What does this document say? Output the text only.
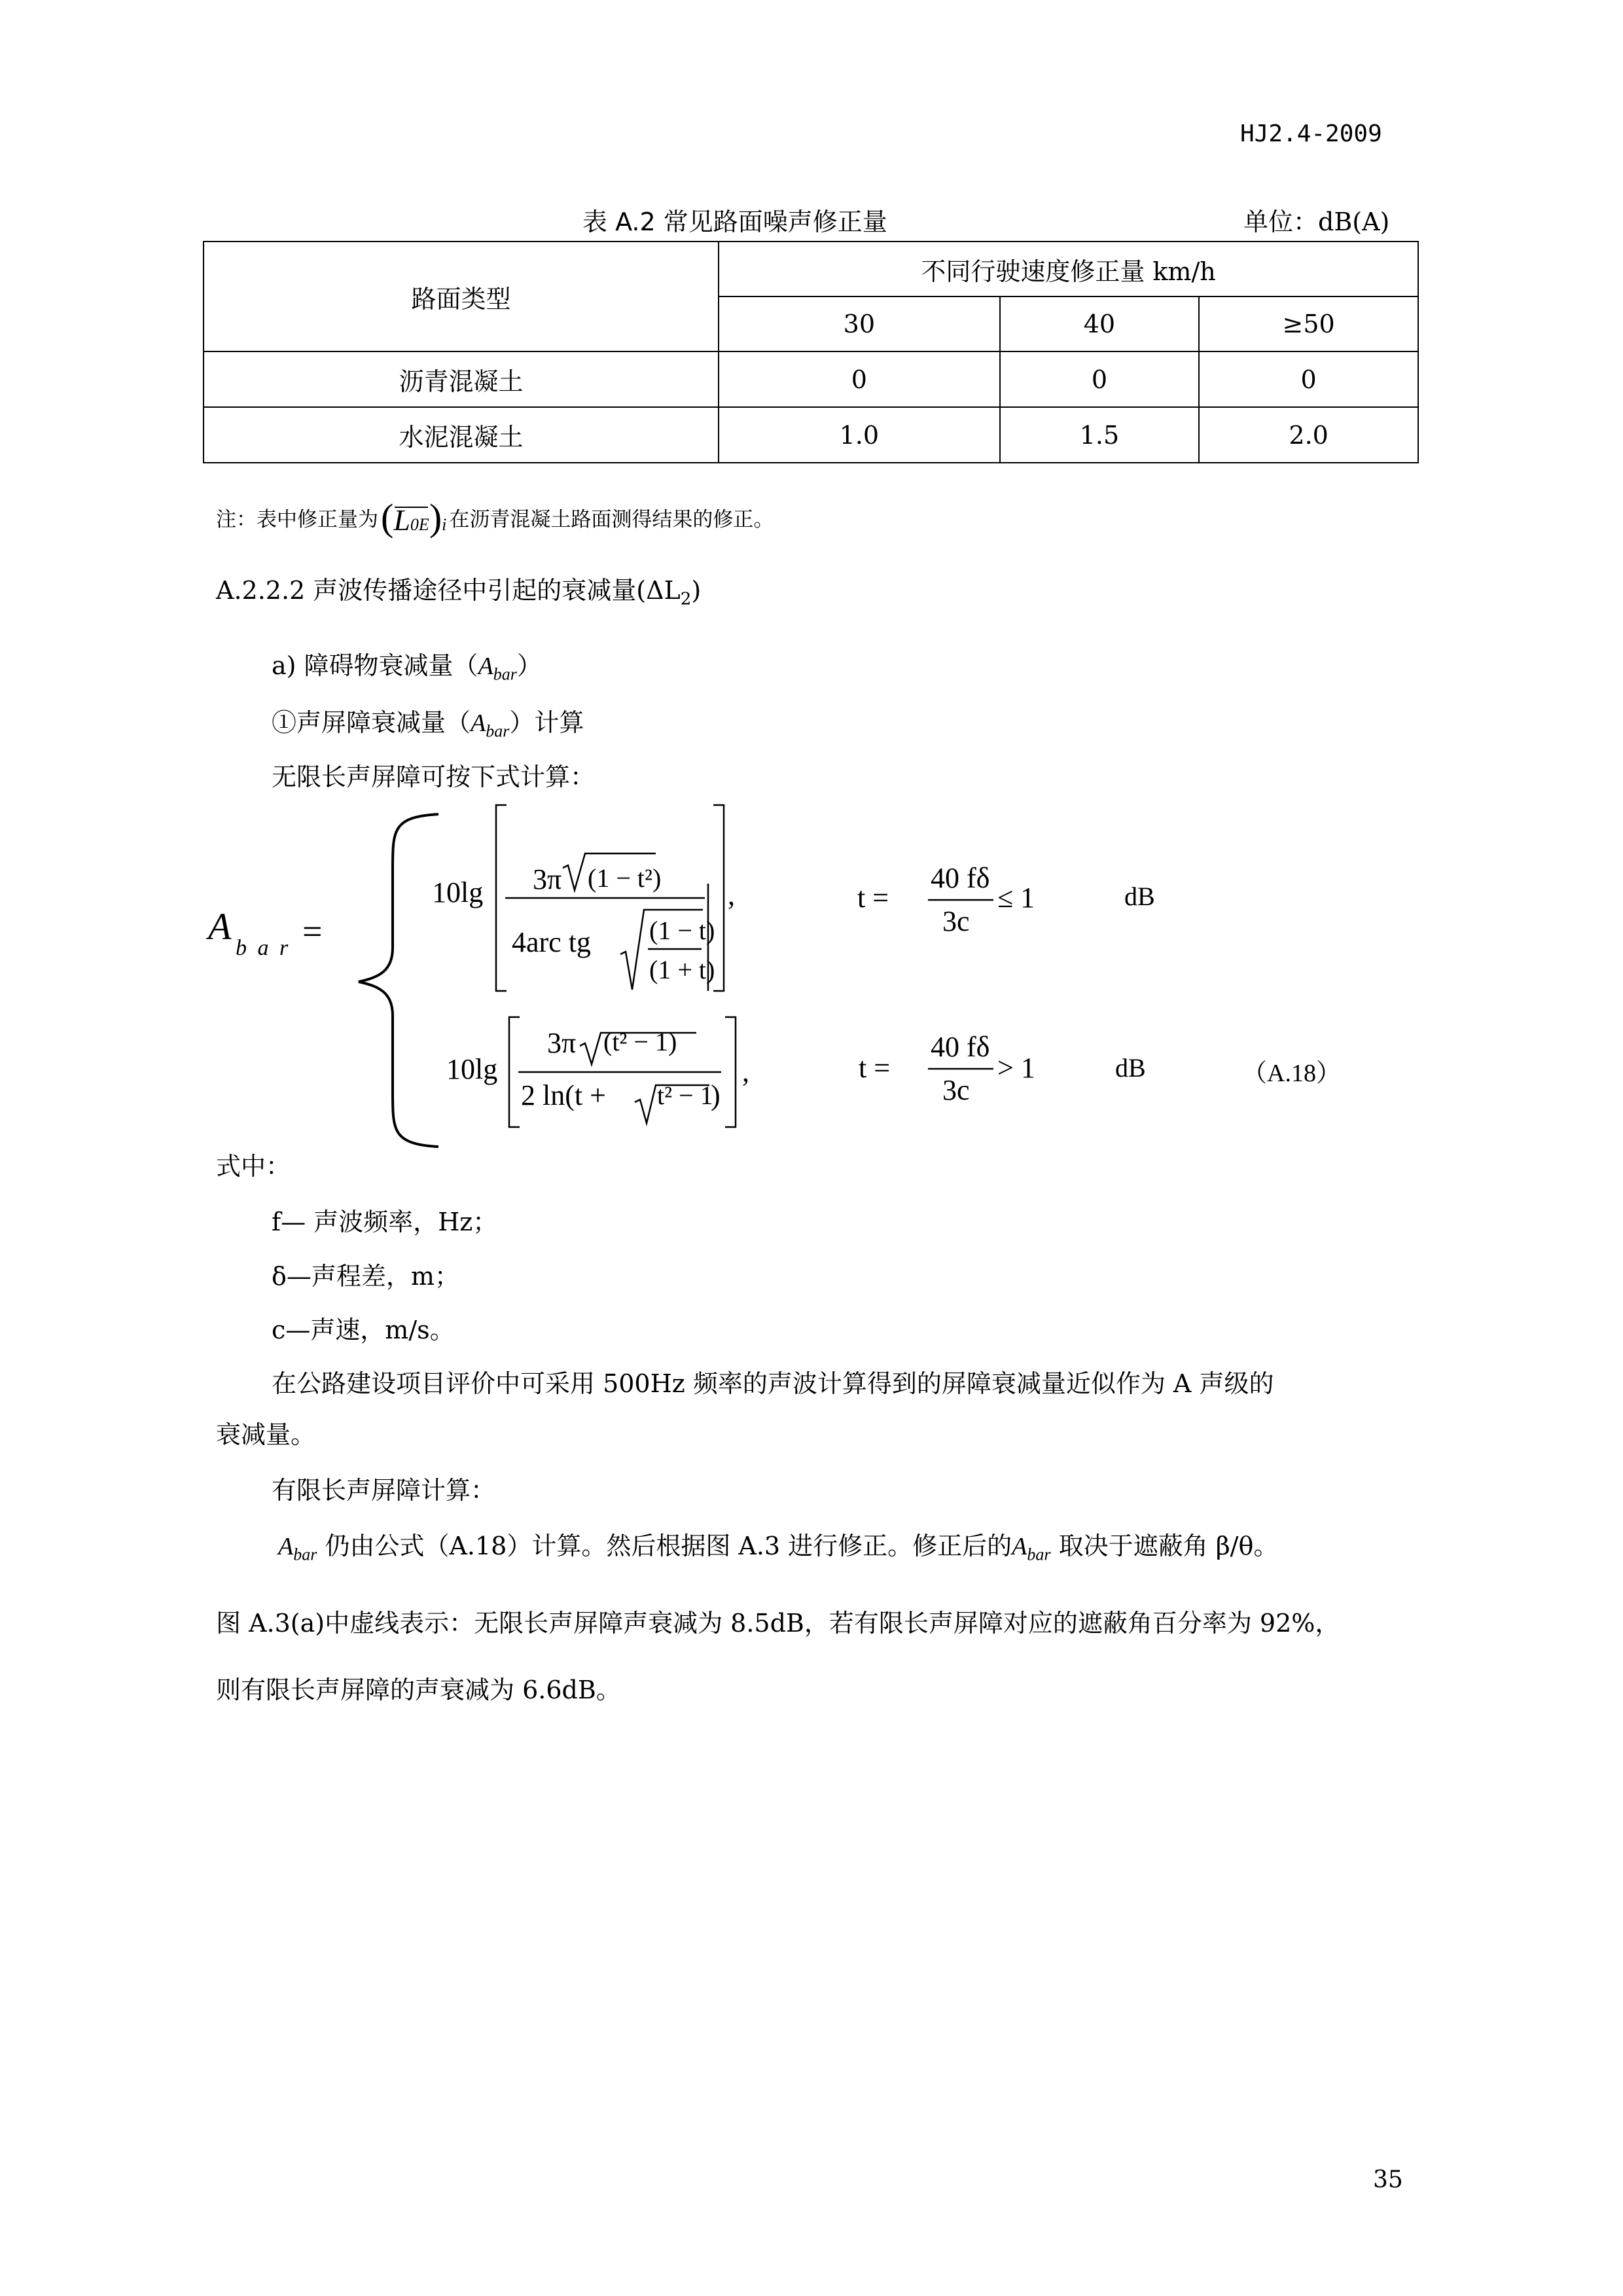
HJ2.4-2009
表 A.2 常见路面噪声修正量	单位：dB(A)
路面类型	不同行驶速度修正量 km/h		
	30	40	≥50
沥青混凝土	0	0	0
水泥混凝土	1.0	1.5	2.0
注：表中修正量为 (
L0E)i 在沥青混凝土路面测得结果的修正。
A.2.2.2 声波传播途径中引起的衰减量$(\Delta L_2)$
a) 障碍物衰减量$(A_{bar})$
①声屏障衰减量$(A_{bar})$计算
无限长声屏障可按下式计算：
A
b a r =
10lg 3π (1 − t²)
4arc tg (1 − t)
(1 + t)
,	t =
40 fδ
3c
≤ 1	dB
10lg
3π (t² − 1)
2 ln(t + t² − 1
)
,	t =
40 fδ
3c
> 1	dB	（A.18）
式中：
f— 声波频率，Hz；
δ—声程差，m；
c—声速，m/s。
在公路建设项目评价中可采用 500Hz 频率的声波计算得到的屏障衰减量近似作为 A 声级的
衰减量。
有限长声屏障计算：
$A_{bar}$ 仍由公式（A.18）计算。然后根据图 A.3 进行修正。修正后的$A_{bar}$ 取决于遮蔽角 β/θ。
图 A.3(a)中虚线表示：无限长声屏障声衰减为 8.5dB，若有限长声屏障对应的遮蔽角百分率为 92%，
则有限长声屏障的声衰减为 6.6dB。
35
